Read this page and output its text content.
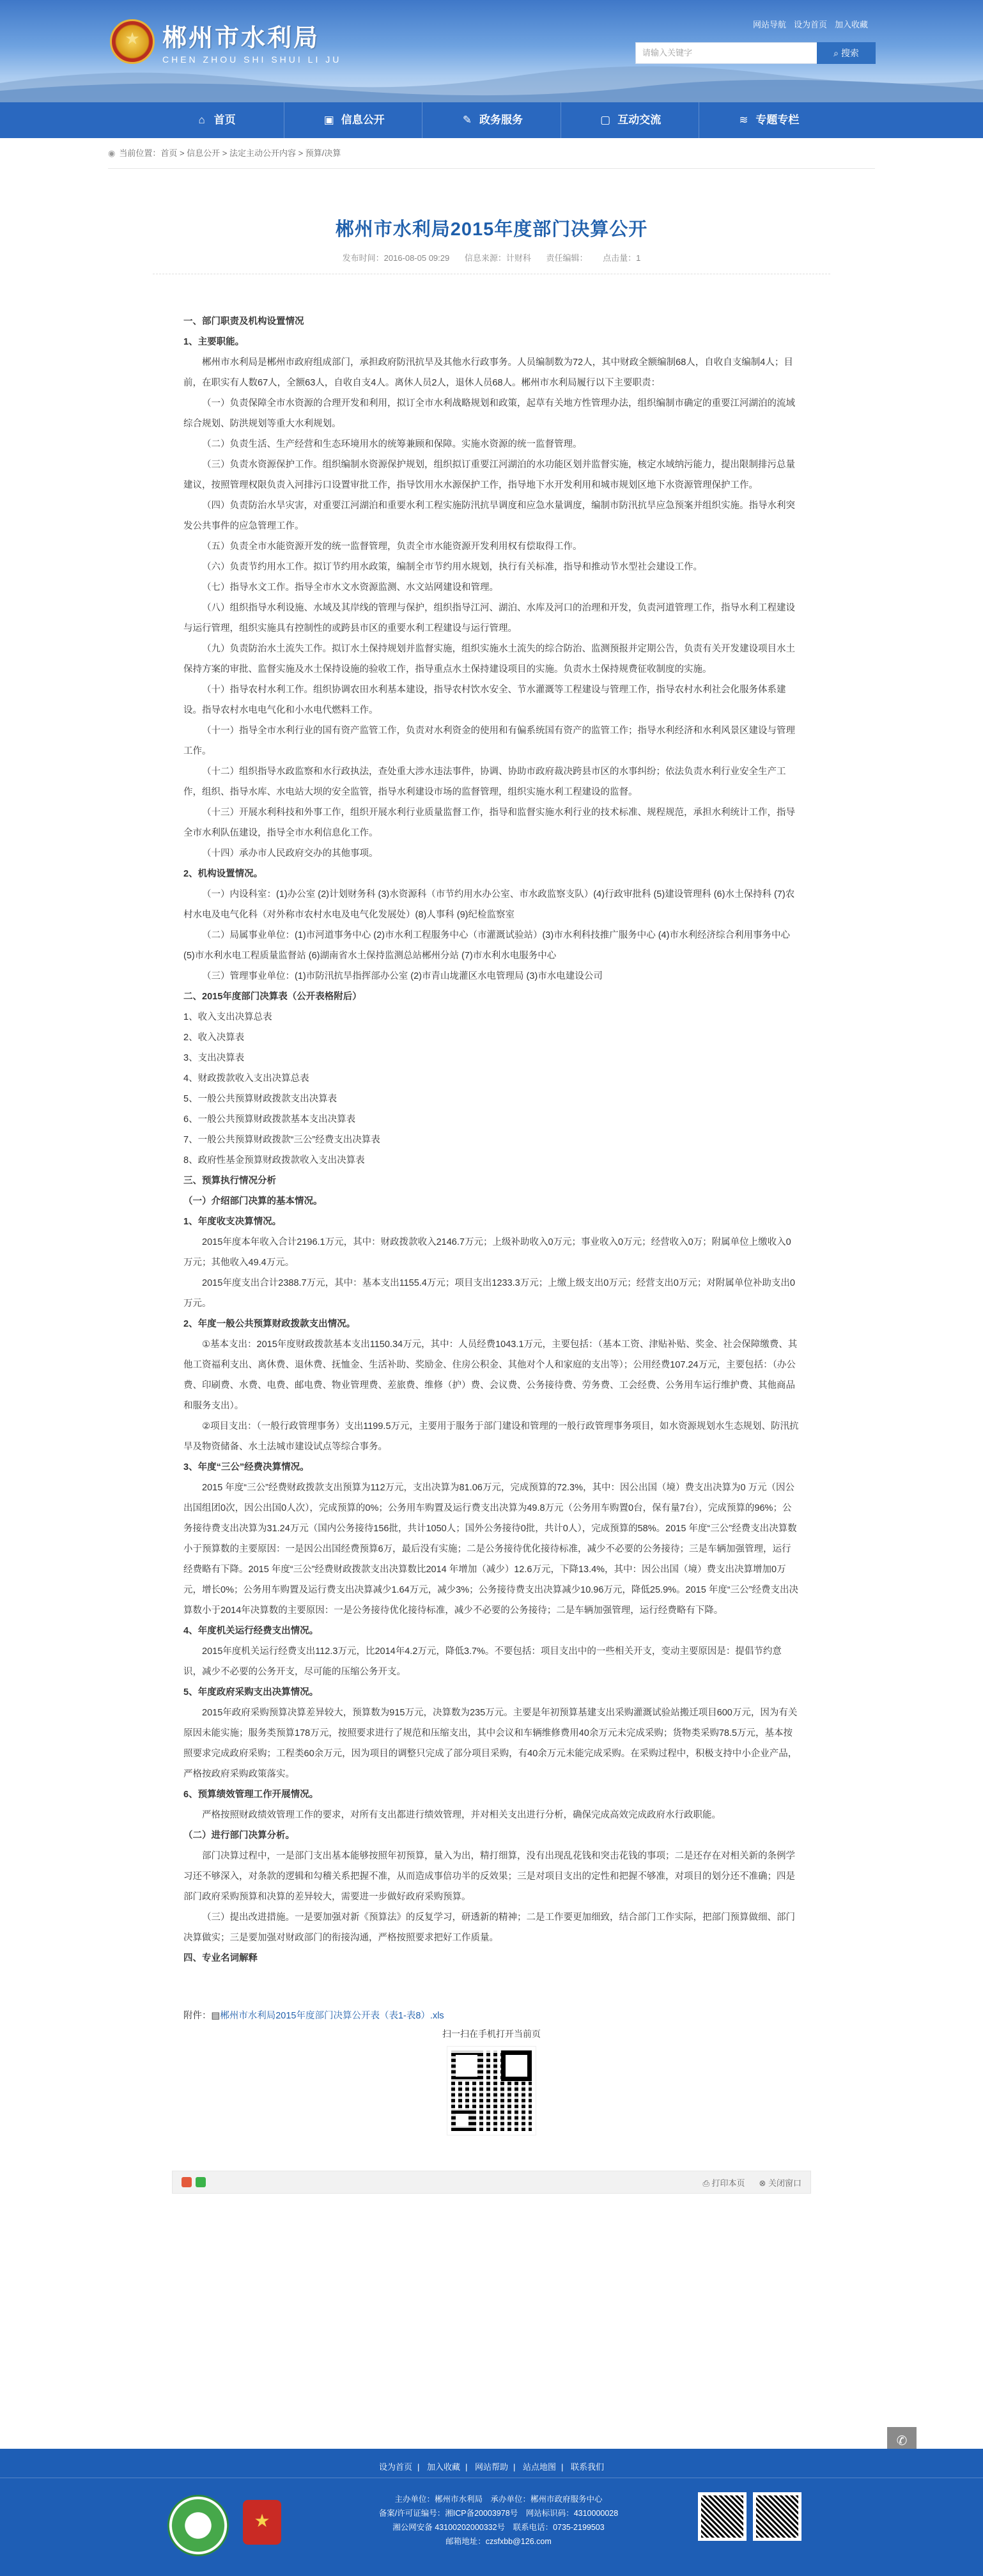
★
郴州市水利局
CHEN ZHOU SHI SHUI LI JU
网站导航 设为首页 加入收藏
请输入关键字	⌕ 搜索
⌂ 首页	▣ 信息公开	✎ 政务服务	▢ 互动交流	≋ 专题专栏
◉ 当前位置：首页 > 信息公开 > 法定主动公开内容 > 预算/决算
郴州市水利局2015年度部门决算公开
发布时间：2016-08-05 09:29 信息来源：计财科 责任编辑： 点击量：1

一、部门职责及机构设置情况

1、主要职能。

郴州市水利局是郴州市政府组成部门，承担政府防汛抗旱及其他水行政事务。人员编制数为72人，其中财政全额编制68人，自收自支编制4人；目前，在职实有人数67人，全额63人，自收自支4人。离休人员2人，退休人员68人。郴州市水利局履行以下主要职责：

（一）负责保障全市水资源的合理开发和利用，拟订全市水利战略规划和政策，起草有关地方性管理办法，组织编制市确定的重要江河湖泊的流域综合规划、防洪规划等重大水利规划。

（二）负责生活、生产经营和生态环境用水的统筹兼顾和保障。实施水资源的统一监督管理。

（三）负责水资源保护工作。组织编制水资源保护规划，组织拟订重要江河湖泊的水功能区划并监督实施，核定水域纳污能力，提出限制排污总量建议，按照管理权限负责入河排污口设置审批工作，指导饮用水水源保护工作，指导地下水开发利用和城市规划区地下水资源管理保护工作。

（四）负责防治水旱灾害，对重要江河湖泊和重要水利工程实施防汛抗旱调度和应急水量调度，编制市防汛抗旱应急预案并组织实施。指导水利突发公共事件的应急管理工作。

（五）负责全市水能资源开发的统一监督管理，负责全市水能资源开发利用权有偿取得工作。

（六）负责节约用水工作。拟订节约用水政策，编制全市节约用水规划，执行有关标准，指导和推动节水型社会建设工作。

（七）指导水文工作。指导全市水文水资源监测、水文站网建设和管理。

（八）组织指导水利设施、水域及其岸线的管理与保护，组织指导江河、湖泊、水库及河口的治理和开发，负责河道管理工作，指导水利工程建设与运行管理，组织实施具有控制性的或跨县市区的重要水利工程建设与运行管理。

（九）负责防治水土流失工作。拟订水土保持规划并监督实施，组织实施水土流失的综合防治、监测预报并定期公告，负责有关开发建设项目水土保持方案的审批、监督实施及水土保持设施的验收工作，指导重点水土保持建设项目的实施。负责水土保持规费征收制度的实施。

（十）指导农村水利工作。组织协调农田水利基本建设，指导农村饮水安全、节水灌溉等工程建设与管理工作，指导农村水利社会化服务体系建设。指导农村水电电气化和小水电代燃料工作。

（十一）指导全市水利行业的国有资产监管工作，负责对水利资金的使用和有偏系统国有资产的监管工作；指导水利经济和水利风景区建设与管理工作。

（十二）组织指导水政监察和水行政执法，查处重大涉水违法事件，协调、协助市政府裁决跨县市区的水事纠纷；依法负责水利行业安全生产工作，组织、指导水库、水电站大坝的安全监管，指导水利建设市场的监督管理，组织实施水利工程建设的监督。

（十三）开展水利科技和外事工作，组织开展水利行业质量监督工作，指导和监督实施水利行业的技术标准、规程规范，承担水利统计工作，指导全市水利队伍建设，指导全市水利信息化工作。

（十四）承办市人民政府交办的其他事项。

2、机构设置情况。

（一）内设科室：(1)办公室 (2)计划财务科 (3)水资源科（市节约用水办公室、市水政监察支队）(4)行政审批科 (5)建设管理科 (6)水土保持科 (7)农村水电及电气化科（对外称市农村水电及电气化发展处）(8)人事科 (9)纪检监察室

（二）局属事业单位：(1)市河道事务中心 (2)市水利工程服务中心（市灌溉试验站）(3)市水利科技推广服务中心 (4)市水利经济综合利用事务中心 (5)市水利水电工程质量监督站 (6)湖南省水土保持监测总站郴州分站 (7)市水利水电服务中心

（三）管理事业单位：(1)市防汛抗旱指挥部办公室 (2)市青山垅灌区水电管理局 (3)市水电建设公司

二、2015年度部门决算表（公开表格附后）

1、收入支出决算总表

2、收入决算表

3、支出决算表

4、财政拨款收入支出决算总表

5、一般公共预算财政拨款支出决算表

6、一般公共预算财政拨款基本支出决算表

7、一般公共预算财政拨款“三公”经费支出决算表

8、政府性基金预算财政拨款收入支出决算表

三、预算执行情况分析

（一）介绍部门决算的基本情况。

1、年度收支决算情况。

2015年度本年收入合计2196.1万元，其中：财政拨款收入2146.7万元；上级补助收入0万元；事业收入0万元；经营收入0万；附属单位上缴收入0万元；其他收入49.4万元。

2015年度支出合计2388.7万元，其中：基本支出1155.4万元；项目支出1233.3万元；上缴上级支出0万元；经营支出0万元；对附属单位补助支出0万元。

2、年度一般公共预算财政拨款支出情况。

①基本支出：2015年度财政拨款基本支出1150.34万元，其中：人员经费1043.1万元，主要包括：（基本工资、津贴补贴、奖金、社会保障缴费、其他工资福利支出、离休费、退休费、抚恤金、生活补助、奖励金、住房公积金、其他对个人和家庭的支出等）；公用经费107.24万元，主要包括：（办公费、印刷费、水费、电费、邮电费、物业管理费、差旅费、维修（护）费、会议费、公务接待费、劳务费、工会经费、公务用车运行维护费、其他商品和服务支出）。

②项目支出：（一般行政管理事务）支出1199.5万元，主要用于服务于部门建设和管理的一般行政管理事务项目，如水资源规划水生态规划、防汛抗旱及物资储备、水土法城市建设试点等综合事务。

3、年度“三公”经费决算情况。

2015 年度“三公”经费财政拨款支出预算为112万元，支出决算为81.06万元，完成预算的72.3%，其中：因公出国（境）费支出决算为0 万元（因公出国组团0次，因公出国0人次），完成预算的0%；公务用车购置及运行费支出决算为49.8万元（公务用车购置0台，保有量7台），完成预算的96%；公务接待费支出决算为31.24万元（国内公务接待156批，共计1050人；国外公务接待0批，共计0人），完成预算的58%。2015 年度“三公”经费支出决算数小于预算数的主要原因：一是因公出国经费预算6万，最后没有实施；二是公务接待优化接待标准，减少不必要的公务接待；三是车辆加强管理，运行经费略有下降。2015 年度“三公”经费财政拨款支出决算数比2014 年增加（减少）12.6万元，下降13.4%，其中：因公出国（境）费支出决算增加0万元，增长0%；公务用车购置及运行费支出决算减少1.64万元，减少3%；公务接待费支出决算减少10.96万元，降低25.9%。2015 年度“三公”经费支出决算数小于2014年决算数的主要原因：一是公务接待优化接待标准，减少不必要的公务接待；二是车辆加强管理，运行经费略有下降。

4、年度机关运行经费支出情况。

2015年度机关运行经费支出112.3万元，比2014年4.2万元，降低3.7%。不要包括：项目支出中的一些相关开支，变动主要原因是：提倡节约意识，减少不必要的公务开支，尽可能的压缩公务开支。

5、年度政府采购支出决算情况。

2015年政府采购预算决算差异较大，预算数为915万元，决算数为235万元。主要是年初预算基建支出采购灌溉试验站搬迁项目600万元，因为有关原因未能实施；服务类预算178万元，按照要求进行了规范和压缩支出，其中会议和车辆维修费用40余万元未完成采购；货物类采购78.5万元，基本按照要求完成政府采购；工程类60余万元，因为项目的调整只完成了部分项目采购，有40余万元未能完成采购。在采购过程中，积极支持中小企业产品，严格按政府采购政策落实。

6、预算绩效管理工作开展情况。

严格按照财政绩效管理工作的要求，对所有支出都进行绩效管理，并对相关支出进行分析，确保完成高效完成政府水行政职能。

（二）进行部门决算分析。

部门决算过程中，一是部门支出基本能够按照年初预算，量入为出，精打细算，没有出现乱花钱和突击花钱的事项；二是还存在对相关新的条例学习还不够深入，对条款的逻辑和勾稽关系把握不准，从而造成事倍功半的反效果；三是对项目支出的定性和把握不够准，对项目的划分还不准确；四是部门政府采购预算和决算的差异较大，需要进一步做好政府采购预算。

（三）提出改进措施。一是要加强对新《预算法》的反复学习，研透新的精神；二是工作要更加细致，结合部门工作实际，把部门预算做细、部门决算做实；三是要加强对财政部门的衔接沟通，严格按照要求把好工作质量。

四、专业名词解释

附件：▤郴州市水利局2015年度部门决算公开表（表1-表8）.xls

扫一扫在手机打开当前页
⎙ 打印本页 ⊗ 关闭窗口
✆
设为首页 | 加入收藏 | 网站帮助 | 站点地图 | 联系我们
★
主办单位：郴州市水利局　承办单位：郴州市政府服务中心
备案/许可证编号：湘ICP备20003978号　网站标识码：4310000028
湘公网安备 43100202000332号　联系电话：0735-2199503
邮箱地址：czsfxbb@126.com
